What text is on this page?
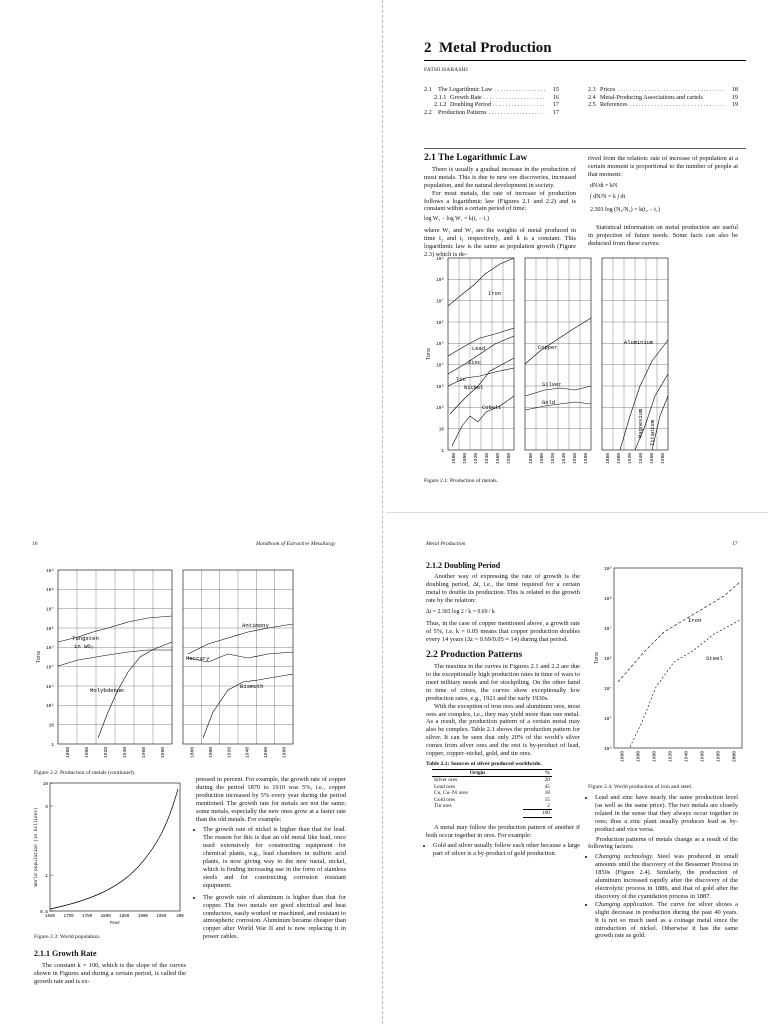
2 Metal Production
FATHI HABASHI
2.1	The Logarithmic Law . . .	15
2.1.1 Growth Rate . . .	16
2.1.2 Doubling Period . . .	17
2.2	Production Patterns . . .	17
2.3 Prices . . .	18
2.4 Metal-Producing Associations and cartels	19
2.5 References . . .	19
2.1 The Logarithmic Law
There is usually a gradual increase in the production of most metals. This is due to new ore discoveries, increased population, and the natural development in society.
For most metals, the rate of increase of production follows a logarithmic law (Figures 2.1 and 2.2) and is constant within a certain period of time:
log W₂ − log W₁ = k(t₂ − t₁)
where W₂ and W₁ are the weights of metal produced in time t₂ and t₁ respectively, and k is a constant. This logarithmic law is the same as population growth (Figure 2.3) which is de-
rived from the relation: rate of increase of population at a certain moment is proportional to the number of people at that moment:
dN/dt = kN
∫ dN/N = k ∫ dt
2.303 log (N₂/N₁) = k(t₂ − t₁)
Statistical information on metal production are useful in projection of future needs. Some facts can also be deducted from these curves:
1
10
10²
10³
10⁴
10⁵
10⁶
10⁷
10⁸
10⁹
Tons
1880 1900 1920 1940 1960 1980	1880 1900 1920 1940 1960 1980	1880 1900 1920 1940 1960 1980
Iron
Lead
Zinc
Tin
Nickel
Cobalt
Copper
Silver
Gold
Aluminium
Magnesium Titanium
Figure 2.1: Production of metals.
16	Handbook of Extractive Metallurgy
1
10
10²
10³
10⁴
10⁵
10⁶
10⁷
10⁸
10⁹
Tons
1880	1900	1920	1940	1960	1980	1880	1900	1920	1940	1960	1980
Tungsten
in WO₃
Antimony
Mercury
Molybdenum
Bismuth
Figure 2.2: Production of metals (continued).
0.5
1
5
10
1650 1700 1750 1800 1850 1900 1950 200
Year
World population (in billions)
Figure 2.3: World population.
2.1.1 Growth Rate
The constant k × 100, which is the slope of the curves shown in Figures and during a certain period, is called the growth rate and is ex-
pressed in percent. For example, the growth rate of copper during the period 1870 to 1910 was 5%, i.e., copper production increased by 5% every year during the period mentioned. The growth rate for metals are not the same; some metals, especially the new ones grow at a faster rate than the old metals. For example:
• The growth rate of nickel is higher than that for lead. The reason for this is that an old metal like lead, once used extensively for constructing equipment for chemical plants, e.g., lead chambers in sulfuric acid plants, is now giving way to the new metal, nickel, which is finding increasing use in the form of stainless steels and for constructing corrosion resistant equipment.
• The growth rate of aluminum is higher than that for copper. The two metals are good electrical and heat conductors, easily worked or machined, and resistant to atmospheric corrosion. Aluminum became cheaper than copper after World War II and is now replacing it in power cables.
Metal Production	17
2.1.2 Doubling Period
Another way of expressing the rate of growth is the doubling period, Δt, i.e., the time required for a certain metal to double its production. This is related to the growth rate by the relation:
Δt = 2.303 log 2 / k = 0.69 / k
Thus, in the case of copper mentioned above, a growth rate of 5%, i.e. k = 0.05 means that copper production doubles every 14 years (Δt = 0.69/0.05 ≈ 14) during that period.
2.2 Production Patterns
The maxima in the curves in Figures 2.1 and 2.2 are due to the exceptionally high production rates in time of wars to meet military needs and for stockpiling. On the other hand in time of crises, the curves show exceptionally low production rates, e.g., 1921 and the early 1930s.
With the exception of iron ores and aluminum ores, most ores are complex, i.e., they may yield more than one metal. As a result, the production pattern of a certain metal may also be complex. Table 2.1 shows the production pattern for silver. It can be seen that only 20% of the world's silver comes from silver ores and the rest is by-product of lead, copper, copper–nickel, gold, and tin ores.
Table 2.1: Sources of silver produced worldwide.
Origin	%
Silver ores	20
Lead ores	45
Cu, Cu–Ni ores	18
Gold ores	15
Tin ores	2
	100
A metal may follow the production pattern of another if both occur together in ores. For example:
• Gold and silver usually follow each other because a large part of silver is a by-product of gold production.
10³
10⁴
10⁵
10⁶
10⁷
10⁸
10⁹
Tons
1860 1880 1900 1920 1940 1960 1980 2000
Iron
Steel
Figure 2.4: World production of iron and steel.
• Lead and zinc have nearly the same production level (as well as the same price). The two metals are closely related in the sense that they always occur together in ores; thus a zinc plant usually produces lead as by-product and vice versa.
Production patterns of metals change as a result of the following factors:
• Changing technology. Steel was produced in small amounts until the discovery of the Bessemer Process in 1850s (Figure 2.4). Similarly, the production of aluminum increased rapidly after the discovery of the electrolytic process in 1886, and that of gold after the discovery of the cyanidation process in 1887.
• Changing application. The curve for silver shows a slight decrease in production during the past 40 years. It is not so much used as a coinage metal since the introduction of nickel. Otherwise it has the same growth rate as gold.
